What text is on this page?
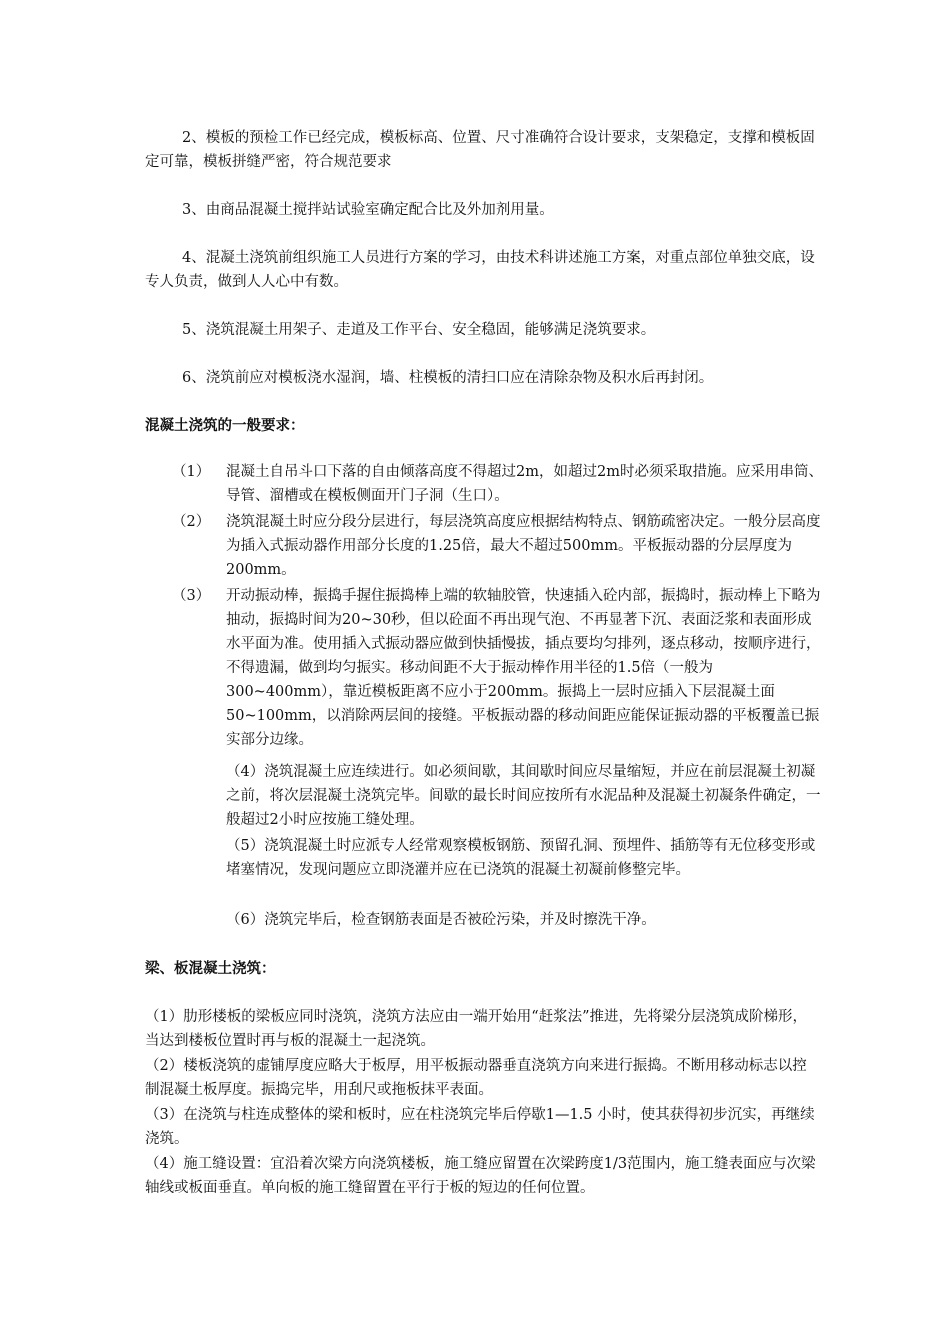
2、模板的预检工作已经完成，模板标高、位置、尺寸准确符合设计要求，支架稳定，支撑和模板固定可靠，模板拼缝严密，符合规范要求

3、由商品混凝土搅拌站试验室确定配合比及外加剂用量。

4、混凝土浇筑前组织施工人员进行方案的学习，由技术科讲述施工方案，对重点部位单独交底，设专人负责，做到人人心中有数。

5、浇筑混凝土用架子、走道及工作平台、安全稳固，能够满足浇筑要求。

6、浇筑前应对模板浇水湿润，墙、柱模板的清扫口应在清除杂物及积水后再封闭。

混凝土浇筑的一般要求：
（1） 混凝土自吊斗口下落的自由倾落高度不得超过2m，如超过2m时必须采取措施。应采用串筒、导管、溜槽或在模板侧面开门子洞（生口）。
（2） 浇筑混凝土时应分段分层进行，每层浇筑高度应根据结构特点、钢筋疏密决定。一般分层高度为插入式振动器作用部分长度的1.25倍，最大不超过500mm。平板振动器的分层厚度为200mm。
（3） 开动振动棒，振捣手握住振捣棒上端的软轴胶管，快速插入砼内部，振捣时，振动棒上下略为抽动，振捣时间为20~30秒，但以砼面不再出现气泡、不再显著下沉、表面泛浆和表面形成水平面为准。使用插入式振动器应做到快插慢拔，插点要均匀排列，逐点移动，按顺序进行，不得遗漏，做到均匀振实。移动间距不大于振动棒作用半径的1.5倍（一般为300~400mm），靠近模板距离不应小于200mm。振捣上一层时应插入下层混凝土面50~100mm，以消除两层间的接缝。平板振动器的移动间距应能保证振动器的平板覆盖已振实部分边缘。

（4）浇筑混凝土应连续进行。如必须间歇，其间歇时间应尽量缩短，并应在前层混凝土初凝之前，将次层混凝土浇筑完毕。间歇的最长时间应按所有水泥品种及混凝土初凝条件确定，一般超过2小时应按施工缝处理。

（5）浇筑混凝土时应派专人经常观察模板钢筋、预留孔洞、预埋件、插筋等有无位移变形或堵塞情况，发现问题应立即浇灌并应在已浇筑的混凝土初凝前修整完毕。

（6）浇筑完毕后，检查钢筋表面是否被砼污染，并及时擦洗干净。

梁、板混凝土浇筑：

（1）肋形楼板的梁板应同时浇筑，浇筑方法应由一端开始用“赶浆法”推进，先将梁分层浇筑成阶梯形，当达到楼板位置时再与板的混凝土一起浇筑。

（2）楼板浇筑的虚铺厚度应略大于板厚，用平板振动器垂直浇筑方向来进行振捣。不断用移动标志以控制混凝土板厚度。振捣完毕，用刮尺或拖板抹平表面。

（3）在浇筑与柱连成整体的梁和板时，应在柱浇筑完毕后停歇1—1.5 小时，使其获得初步沉实，再继续浇筑。

（4）施工缝设置：宜沿着次梁方向浇筑楼板，施工缝应留置在次梁跨度1/3范围内，施工缝表面应与次梁轴线或板面垂直。单向板的施工缝留置在平行于板的短边的任何位置。
